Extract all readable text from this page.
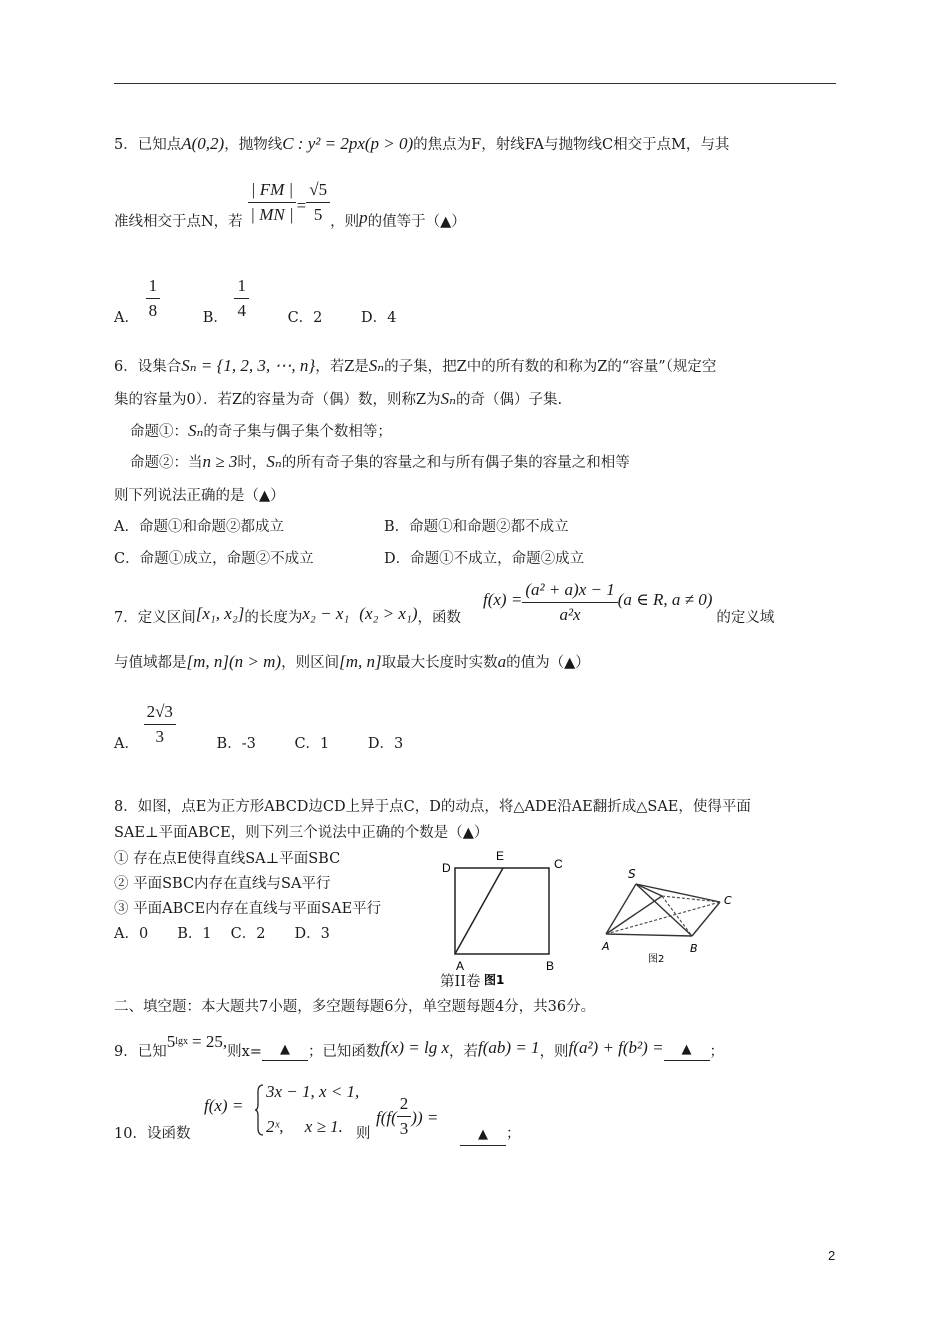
5．已知点A(0,2)，抛物线C : y² = 2px(p > 0)的焦点为F，射线FA与抛物线C相交于点M，与其
准线相交于点N，若 $\frac{| FM |}{| MN |} = \frac{√5}{5}$ ，则p的值等于（▲）
A． $\frac{1}{8}$	B． $\frac{1}{4}$	C．2	D．4
6．设集合Sₙ = {1, 2, 3, ⋯, n}，若Z是Sₙ的子集，把Z中的所有数的和称为Z的“容量”（规定空
集的容量为0）．若Z的容量为奇（偶）数，则称Z为Sₙ的奇（偶）子集.
命题①：Sₙ的奇子集与偶子集个数相等；
命题②：当n ≥ 3时，Sₙ的所有奇子集的容量之和与所有偶子集的容量之和相等
则下列说法正确的是（▲）
A．命题①和命题②都成立	B．命题①和命题②都不成立
C．命题①成立，命题②不成立	D．命题①不成立，命题②成立
7．定义区间[x₁, x₂]的长度为x₂ − x₁ (x₂ > x₁)，函数$f(x) = \frac{\text{(a² + a)x − 1}}{\text{a²x}} (a$ ∈ R, a ≠ 0)的定义域
与值域都是[m, n](n > m)，则区间[m, n]取最大长度时实数a的值为（▲）
A． $\frac{2√3}{3}$	B．-3	C．1	D．3
8．如图，点E为正方形ABCD边CD上异于点C，D的动点，将△ADE沿AE翻折成△SAE，使得平面
SAE⊥平面ABCE，则下列三个说法中正确的个数是（▲）
① 存在点E使得直线SA⊥平面SBC
② 平面SBC内存在直线与SA平行
③ 平面ABCE内存在直线与平面SAE平行
A．0　　B．1　 C．2　　D．3
D
E
C
A	B
图1
S
C
A	B
图2
第II卷
二、填空题：本大题共7小题，多空题每题6分，单空题每题4分，共36分。
9．已知5lgx = 25,则x= ▲ ；已知函数f(x) = lg x，若f(ab) = 1，则f(a²) + f(b²) = ▲ ；
10．设函数
f(x) =
3x − 1, x < 1,
2ˣ,　 x ≥ 1. 则
$f(f( \frac{2}{3}$ )) =
▲ ；
2
